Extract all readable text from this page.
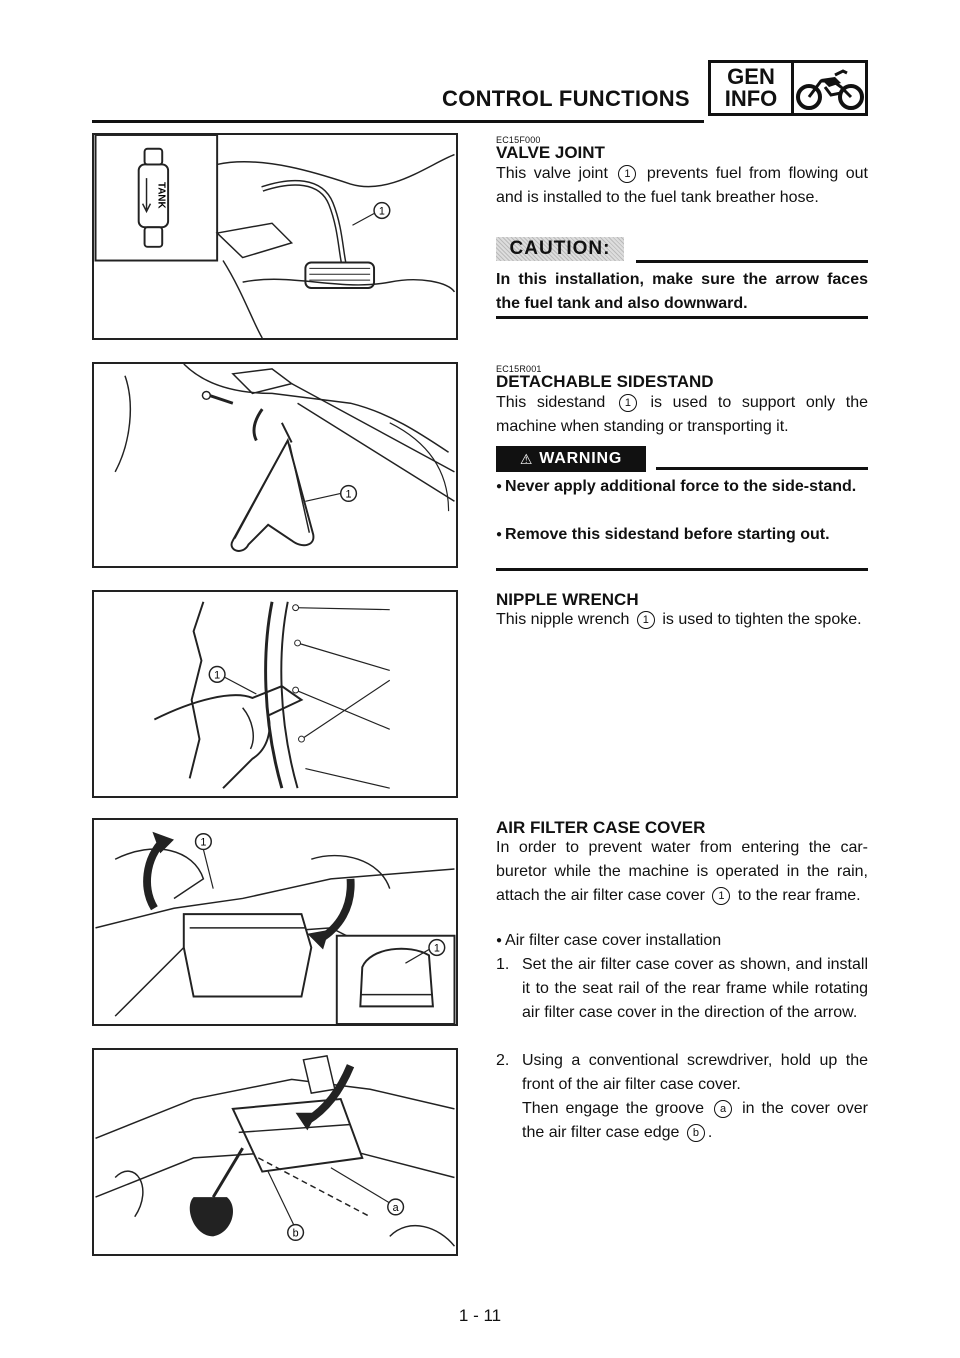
CONTROL FUNCTIONS
GEN
INFO
TANK
1
EC15F000
VALVE JOINT
This valve joint 1 prevents fuel from flowing out and is installed to the fuel tank breather hose.
CAUTION:
In this installation, make sure the arrow faces the fuel tank and also downward.
1
EC15R001
DETACHABLE SIDESTAND
This sidestand 1 is used to support only the machine when standing or transporting it.
⚠ WARNING
● Never apply additional force to the side-stand.
● Remove this sidestand before starting out.
1
NIPPLE WRENCH
This nipple wrench 1 is used to tighten the spoke.
1
1
a
b
AIR FILTER CASE COVER
In order to prevent water from entering the car-buretor while the machine is operated in the rain, attach the air filter case cover 1 to the rear frame.
● Air filter case cover installation
1. Set the air filter case cover as shown, and install it to the seat rail of the rear frame while rotating air filter case cover in the direction of the arrow.
2. Using a conventional screwdriver, hold up the front of the air filter case cover.
Then engage the groove a in the cover over the air filter case edge b .
1 - 11
